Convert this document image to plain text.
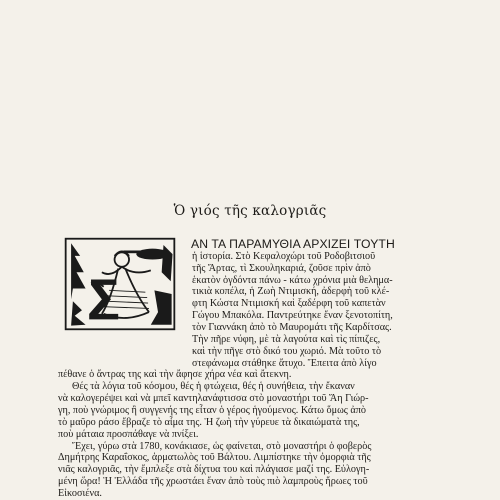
Ὁ γιός τῆς καλογριᾶς
ΑΝ ΤΑ ΠΑΡΑΜΥΘΙΑ ΑΡΧΙΖΕΙ ΤΟΥΤΗ
ἡ ἱστορία. Στὸ Κεφαλοχώρι τοῦ Ροδοβιτσιοῦ
τῆς Ἄρτας, τὶ Σκουληκαριά, ζοῦσε πρὶν ἀπὸ
ἑκατὸν ὀγδόντα πάνω - κάτω χρόνια μιὰ θελημα-
τικιὰ κοπέλα, ἡ Ζωὴ Ντιμισκή, ἀδερφὴ τοῦ κλέ-
φτη Κώστα Ντιμισκή καὶ ξαδέρφη τοῦ καπετὰν
Γώγου Μπακόλα. Παντρεύτηκε ἕναν ξενοτοπίτη,
τὸν Γιαννάκη ἀπὸ τὸ Μαυρομάτι τῆς Καρδίτσας.
Τὴν πῆρε νύφη, μὲ τὰ λαγούτα καὶ τὶς πίπιζες,
καὶ τὴν πῆγε στὸ δικό του χωριό. Μὰ τοῦτο τὸ
στεφάνωμα στάθηκε ἄτυχο. Ἔπειτα ἀπὸ λίγο
πέθανε ὁ ἄντρας της καὶ τὴν ἄφησε χήρα νέα καὶ ἄτεκνη.
Θές τὰ λόγια τοῦ κόσμου, θές ἡ φτώχεια, θές ἡ συνήθεια, τὴν ἔκαναν
νὰ καλογερέψει καὶ νὰ μπεῖ καντηλανάφτισσα στὸ μοναστήρι τοῦ Ἅη Γιώρ-
γη, ποὺ γνώριμος ἢ συγγενής της εἶταν ὁ γέρος ἡγούμενος. Κάτω ὅμως ἀπὸ
τὸ μαῦρο ράσο ἔβραζε τὸ αἷμα της. Ἡ ζωὴ τὴν γύρευε τὰ δικαιώματὰ της,
ποὺ μάταια προσπάθαγε νὰ πνίξει.
Ἔχει, γύρω στὰ 1780, κονάκιασε, ὡς φαίνεται, στὸ μοναστήρι ὁ φοβερὸς
Δημήτρης Καραΐσκος, ἁρματωλὸς τοῦ Βάλτου. Λιμπίστηκε τὴν ὀμορφιὰ τῆς
νιᾶς καλογριᾶς, τὴν ἔμπλεξε στὰ δίχτυα του καὶ πλάγιασε μαζί της. Εὐλογη-
μένη ὥρα! Ἡ Ἑλλάδα τῆς χρωστάει ἕναν ἀπὸ τοὺς πιὸ λαμπροὺς ἥρωες τοῦ
Εἰκοσιένα.
